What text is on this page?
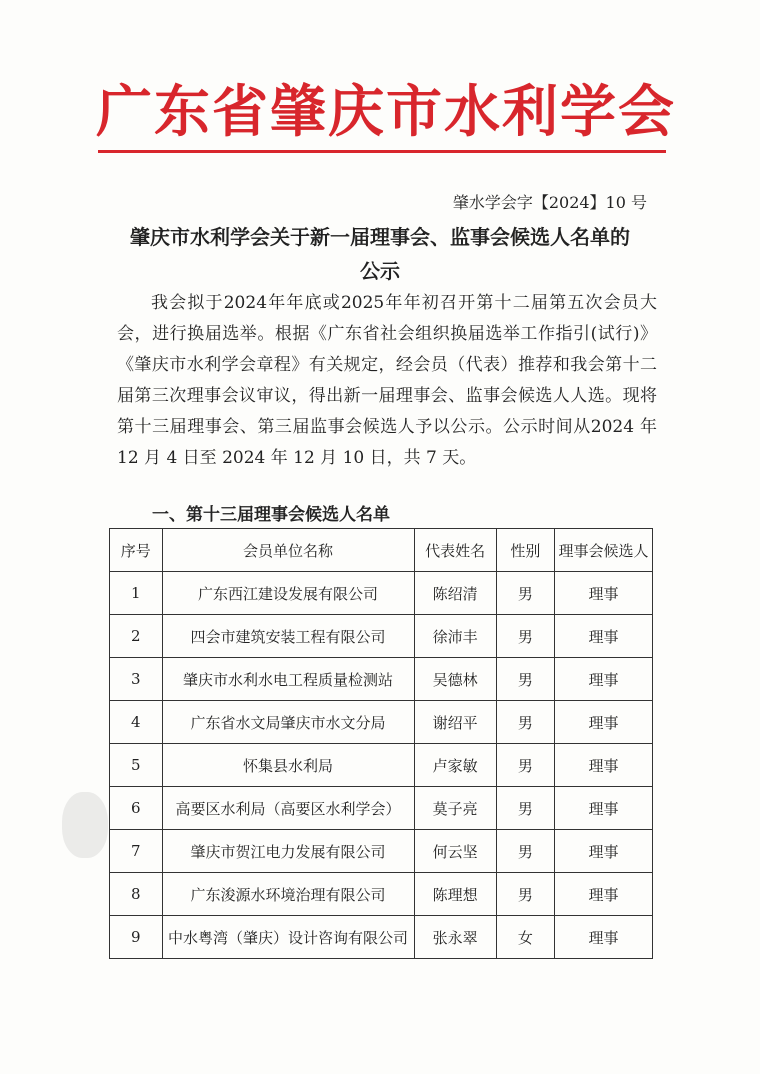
广东省肇庆市水利学会
肇水学会字【2024】10 号
肇庆市水利学会关于新一届理事会、监事会候选人名单的
公示
我会拟于2024年年底或2025年年初召开第十二届第五次会员大会，进行换届选举。根据《广东省社会组织换届选举工作指引(试行)》《肇庆市水利学会章程》有关规定，经会员（代表）推荐和我会第十二届第三次理事会议审议，得出新一届理事会、监事会候选人人选。现将第十三届理事会、第三届监事会候选人予以公示。公示时间从2024 年 12 月 4 日至 2024 年 12 月 10 日，共 7 天。
一、第十三届理事会候选人名单
序号	会员单位名称	代表姓名	性别	理事会候选人
1	广东西江建设发展有限公司	陈绍清	男	理事
2	四会市建筑安装工程有限公司	徐沛丰	男	理事
3	肇庆市水利水电工程质量检测站	吴德林	男	理事
4	广东省水文局肇庆市水文分局	谢绍平	男	理事
5	怀集县水利局	卢家敏	男	理事
6	高要区水利局（高要区水利学会）	莫子亮	男	理事
7	肇庆市贺江电力发展有限公司	何云坚	男	理事
8	广东浚源水环境治理有限公司	陈理想	男	理事
9	中水粤湾（肇庆）设计咨询有限公司	张永翠	女	理事
